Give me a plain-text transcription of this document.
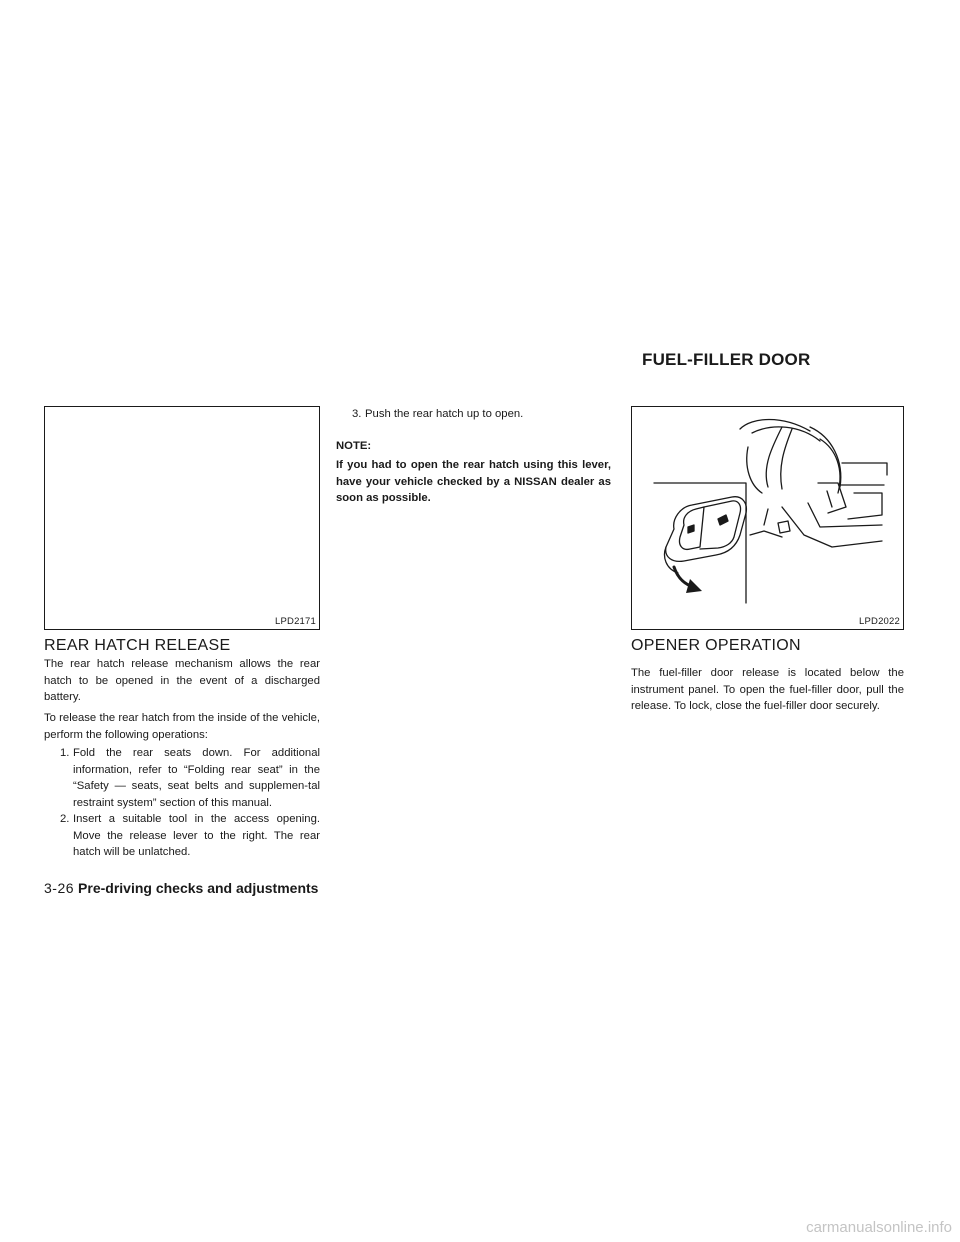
FUEL-FILLER DOOR
LPD2171	LPD2022
REAR HATCH RELEASE

The rear hatch release mechanism allows the rear hatch to be opened in the event of a discharged battery.

To release the rear hatch from the inside of the vehicle, perform the following operations:

1. Fold the rear seats down. For additional information, refer to “Folding rear seat” in the “Safety — seats, seat belts and supplemen-tal restraint system” section of this manual.
2. Insert a suitable tool in the access opening. Move the release lever to the right. The rear hatch will be unlatched.
3. Push the rear hatch up to open.
NOTE:

If you had to open the rear hatch using this lever, have your vehicle checked by a NISSAN dealer as soon as possible.

OPENER OPERATION

The fuel-filler door release is located below the instrument panel. To open the fuel-filler door, pull the release. To lock, close the fuel-filler door securely.

3-26 Pre-driving checks and adjustments
carmanualsonline.info
